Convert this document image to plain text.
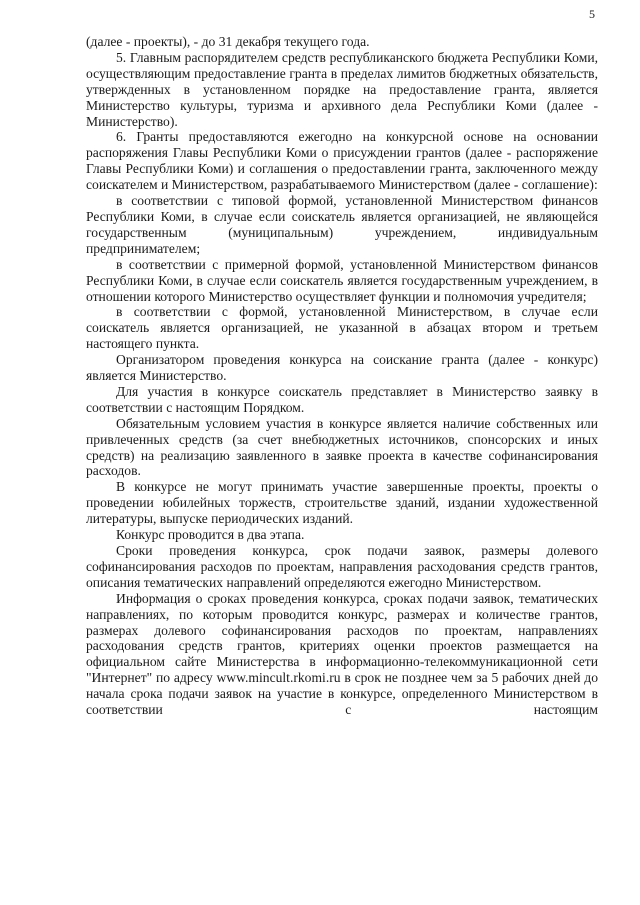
5

(далее - проекты), - до 31 декабря текущего года.

5. Главным распорядителем средств республиканского бюджета Республики Коми, осуществляющим предоставление гранта в пределах лимитов бюджетных обязательств, утвержденных в установленном порядке на предоставление гранта, является Министерство культуры, туризма и архивного дела Республики Коми (далее - Министерство).

6. Гранты предоставляются ежегодно на конкурсной основе на основании распоряжения Главы Республики Коми о присуждении грантов (далее - распоряжение Главы Республики Коми) и соглашения о предоставлении гранта, заключенного между соискателем и Министерством, разрабатываемого Министерством (далее - соглашение):

в соответствии с типовой формой, установленной Министерством финансов Республики Коми, в случае если соискатель является организацией, не являющейся государственным (муниципальным) учреждением, индивидуальным предпринимателем;

в соответствии с примерной формой, установленной Министерством финансов Республики Коми, в случае если соискатель является государственным учреждением, в отношении которого Министерство осуществляет функции и полномочия учредителя;

в соответствии с формой, установленной Министерством, в случае если соискатель является организацией, не указанной в абзацах втором и третьем настоящего пункта.

Организатором проведения конкурса на соискание гранта (далее - конкурс) является Министерство.

Для участия в конкурсе соискатель представляет в Министерство заявку в соответствии с настоящим Порядком.

Обязательным условием участия в конкурсе является наличие собственных или привлеченных средств (за счет внебюджетных источников, спонсорских и иных средств) на реализацию заявленного в заявке проекта в качестве софинансирования расходов.

В конкурсе не могут принимать участие завершенные проекты, проекты о проведении юбилейных торжеств, строительстве зданий, издании художественной литературы, выпуске периодических изданий.

Конкурс проводится в два этапа.

Сроки проведения конкурса, срок подачи заявок, размеры долевого софинансирования расходов по проектам, направления расходования средств грантов, описания тематических направлений определяются ежегодно Министерством.

Информация о сроках проведения конкурса, сроках подачи заявок, тематических направлениях, по которым проводится конкурс, размерах и количестве грантов, размерах долевого софинансирования расходов по проектам, направлениях расходования средств грантов, критериях оценки проектов размещается на официальном сайте Министерства в информационно-телекоммуникационной сети "Интернет" по адресу www.mincult.rkomi.ru в срок не позднее чем за 5 рабочих дней до начала срока подачи заявок на участие в конкурсе, определенного Министерством в соответствии с настоящим
